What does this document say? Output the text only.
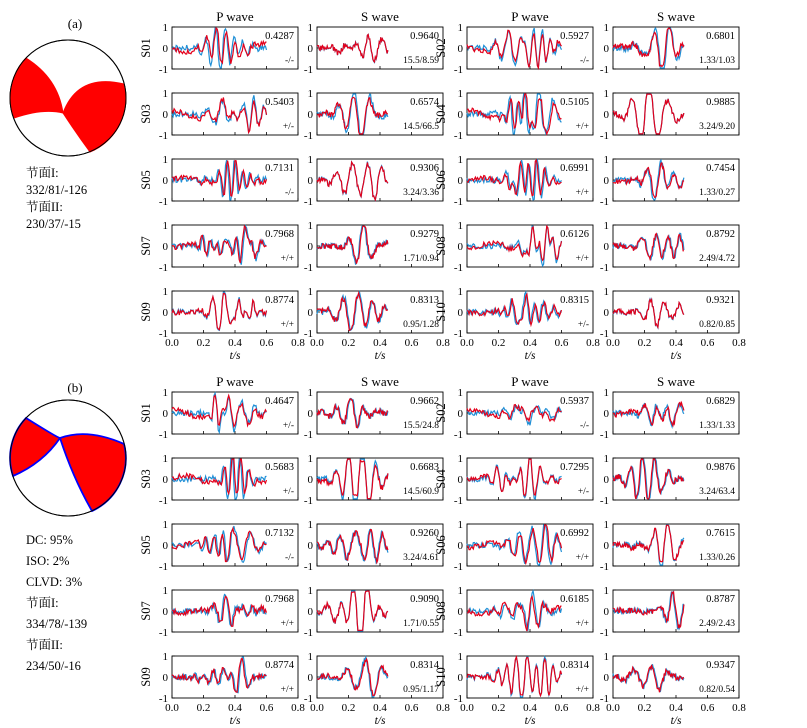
(a)
节面I:
332/81/-126
节面II:
230/37/-15
P wave	S wave	P wave	S wave
1
0
-1
S01
0.4287
-/-
1
0
-1
0.9640
15.5/8.59
1
0
-1
S02
0.5927
-/-
1
0
-1
0.6801
1.33/1.03
1
0
-1
S03
0.5403
+/-
1
0
-1
0.6574
14.5/66.5
1
0
-1
S04
0.5105
+/+
1
0
-1
0.9885
3.24/9.20
1
0
-1
S05
0.7131
-/-
1
0
-1
0.9306
3.24/3.36
1
0
-1
S06
0.6991
+/+
1
0
-1
0.7454
1.33/0.27
1
0
-1
S07
0.7968
+/+
1
0
-1
0.9279
1.71/0.94
1
0
-1
S08
0.6126
+/+
1
0
-1
0.8792
2.49/4.72
1
0
-1
0.0 0.2 0.4 0.6 0.8
t/s
S09
0.8774
+/+
1
0
-1
0.0 0.2 0.4 0.6 0.8
t/s
0.8313
0.95/1.28
1
0
-1
0.0 0.2 0.4 0.6 0.8
t/s
S10
0.8315
+/-
1
0
-1
0.0 0.2 0.4 0.6 0.8
t/s
0.9321
0.82/0.85
(b)
DC: 95%
ISO: 2%
CLVD: 3%
节面I:
334/78/-139
节面II:
234/50/-16
P wave	S wave	P wave	S wave
1
0
-1
S01
0.4647
+/-
1
0
-1
0.9662
15.5/24.8
1
0
-1
S02
0.5937
-/-
1
0
-1
0.6829
1.33/1.33
1
0
-1
S03
0.5683
+/-
1
0
-1
0.6683
14.5/60.9
1
0
-1
S04
0.7295
+/-
1
0
-1
0.9876
3.24/63.4
1
0
-1
S05
0.7132
-/-
1
0
-1
0.9260
3.24/4.61
1
0
-1
S06
0.6992
+/+
1
0
-1
0.7615
1.33/0.26
1
0
-1
S07
0.7968
+/+
1
0
-1
0.9090
1.71/0.55
1
0
-1
S08
0.6185
+/+
1
0
-1
0.8787
2.49/2.43
1
0
-1
0.0 0.2 0.4 0.6 0.8
t/s
S09
0.8774
+/+
1
0
-1
0.0 0.2 0.4 0.6 0.8
t/s
0.8314
0.95/1.17
1
0
-1
0.0 0.2 0.4 0.6 0.8
t/s
S10
0.8314
+/+
1
0
-1
0.0 0.2 0.4 0.6 0.8
t/s
0.9347
0.82/0.54
